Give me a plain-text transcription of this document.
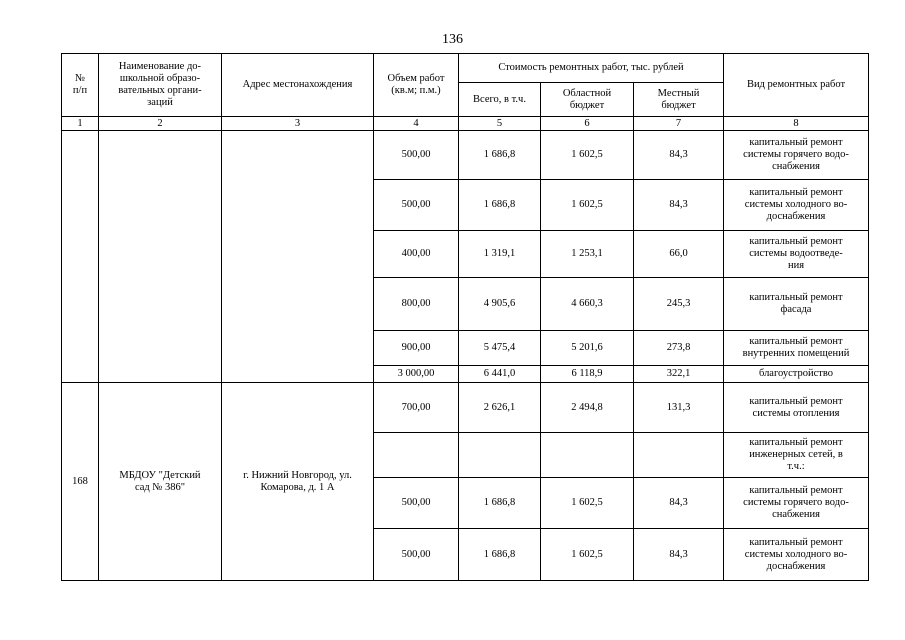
136
№
п/п	Наименование до-
школьной образо-
вательных органи-
заций	Адрес местонахождения	Объем работ
(кв.м; п.м.)	Стоимость ремонтных работ, тыс. рублей			Вид ремонтных работ
				Всего, в т.ч.	Областной
бюджет	Местный
бюджет	
1	2	3	4	5	6	7	8
			500,00	1 686,8	1 602,5	84,3	капитальный ремонт
системы горячего водо-
снабжения
			500,00	1 686,8	1 602,5	84,3	капитальный ремонт
системы холодного во-
доснабжения
			400,00	1 319,1	1 253,1	66,0	капитальный ремонт
системы водоотведе-
ния
			800,00	4 905,6	4 660,3	245,3	капитальный ремонт
фасада
			900,00	5 475,4	5 201,6	273,8	капитальный ремонт
внутренних помещений
			3 000,00	6 441,0	6 118,9	322,1	благоустройство
168	МБДОУ "Детский
сад № 386"	г. Нижний Новгород, ул.
Комарова, д. 1 А	700,00	2 626,1	2 494,8	131,3	капитальный ремонт
системы отопления
							капитальный ремонт
инженерных сетей, в
т.ч.:
			500,00	1 686,8	1 602,5	84,3	капитальный ремонт
системы горячего водо-
снабжения
			500,00	1 686,8	1 602,5	84,3	капитальный ремонт
системы холодного во-
доснабжения
